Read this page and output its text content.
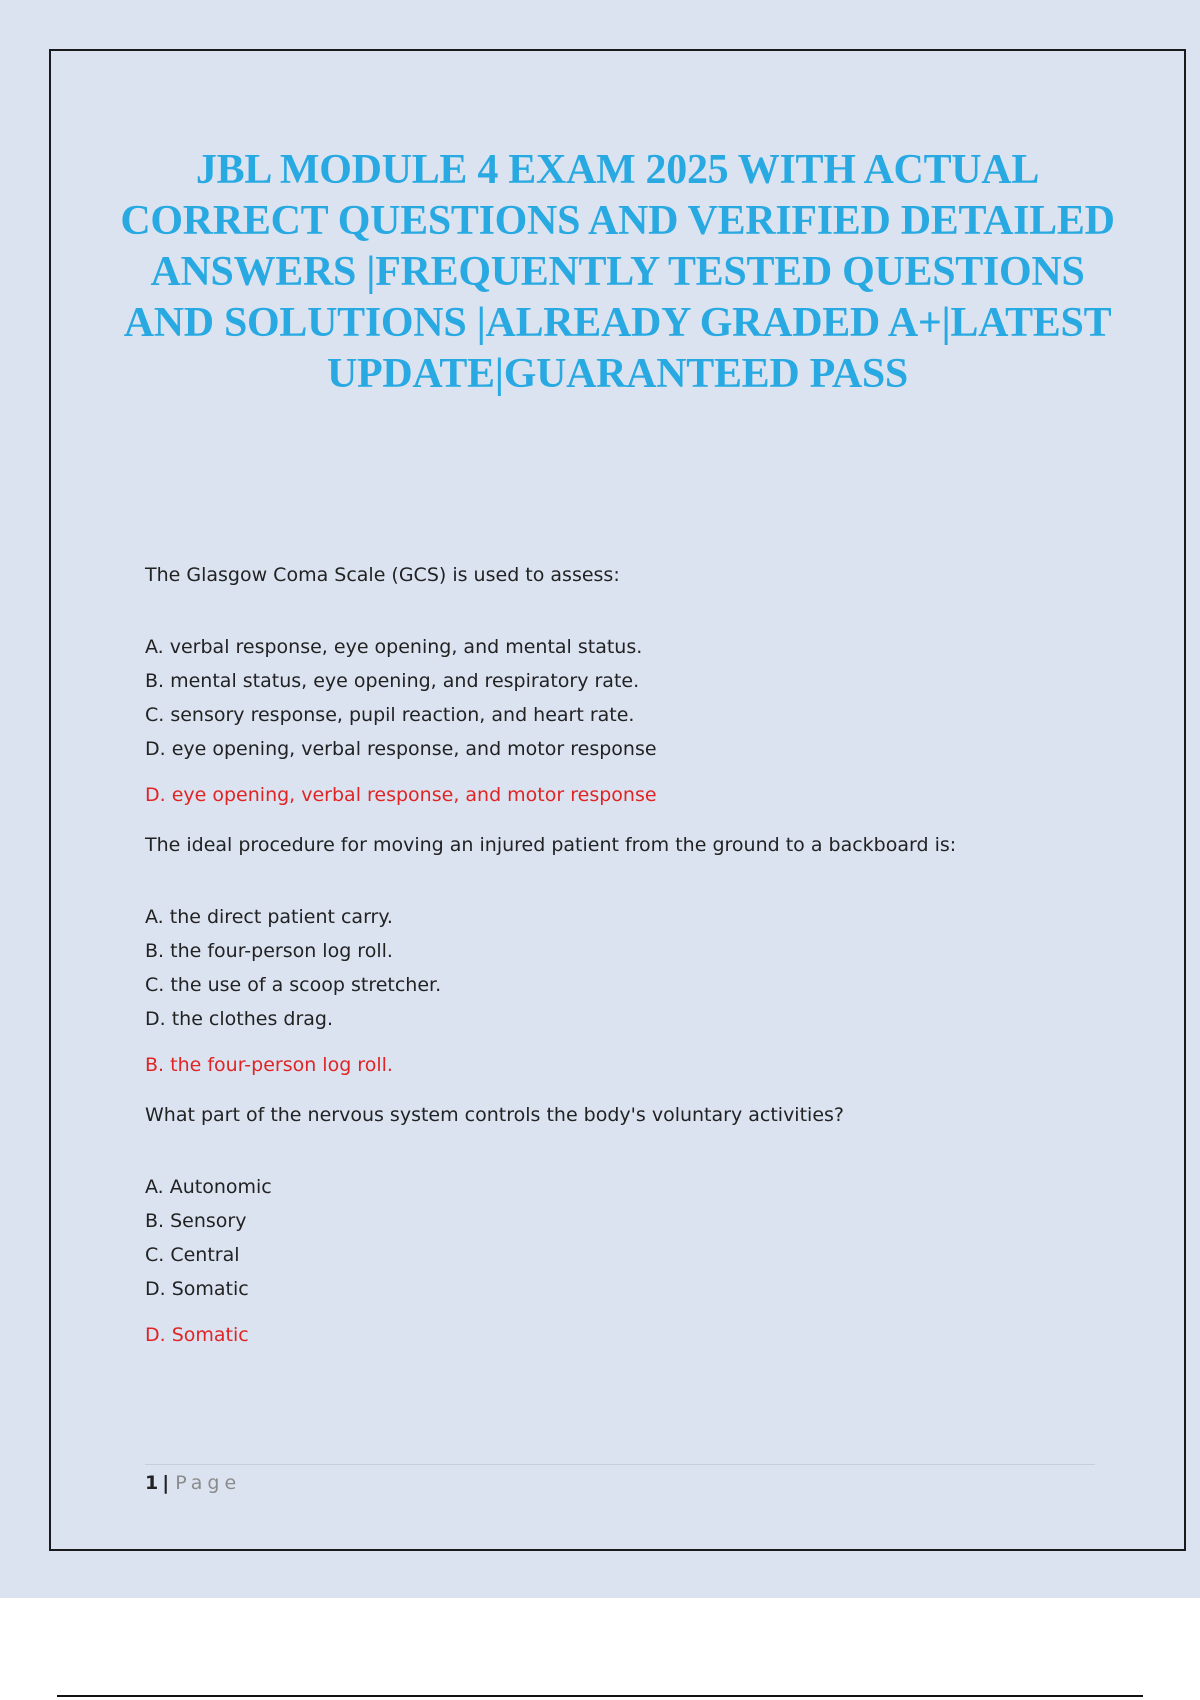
JBL MODULE 4 EXAM 2025 WITH ACTUAL CORRECT QUESTIONS AND VERIFIED DETAILED ANSWERS |FREQUENTLY TESTED QUESTIONS AND SOLUTIONS |ALREADY GRADED A+|LATEST UPDATE|GUARANTEED PASS

The Glasgow Coma Scale (GCS) is used to assess:

A. verbal response, eye opening, and mental status.
B. mental status, eye opening, and respiratory rate.
C. sensory response, pupil reaction, and heart rate.
D. eye opening, verbal response, and motor response

D. eye opening, verbal response, and motor response

The ideal procedure for moving an injured patient from the ground to a backboard is:

A. the direct patient carry.
B. the four-person log roll.
C. the use of a scoop stretcher.
D. the clothes drag.

B. the four-person log roll.

What part of the nervous system controls the body's voluntary activities?

A. Autonomic
B. Sensory
C. Central
D. Somatic

D. Somatic

1 | Page
